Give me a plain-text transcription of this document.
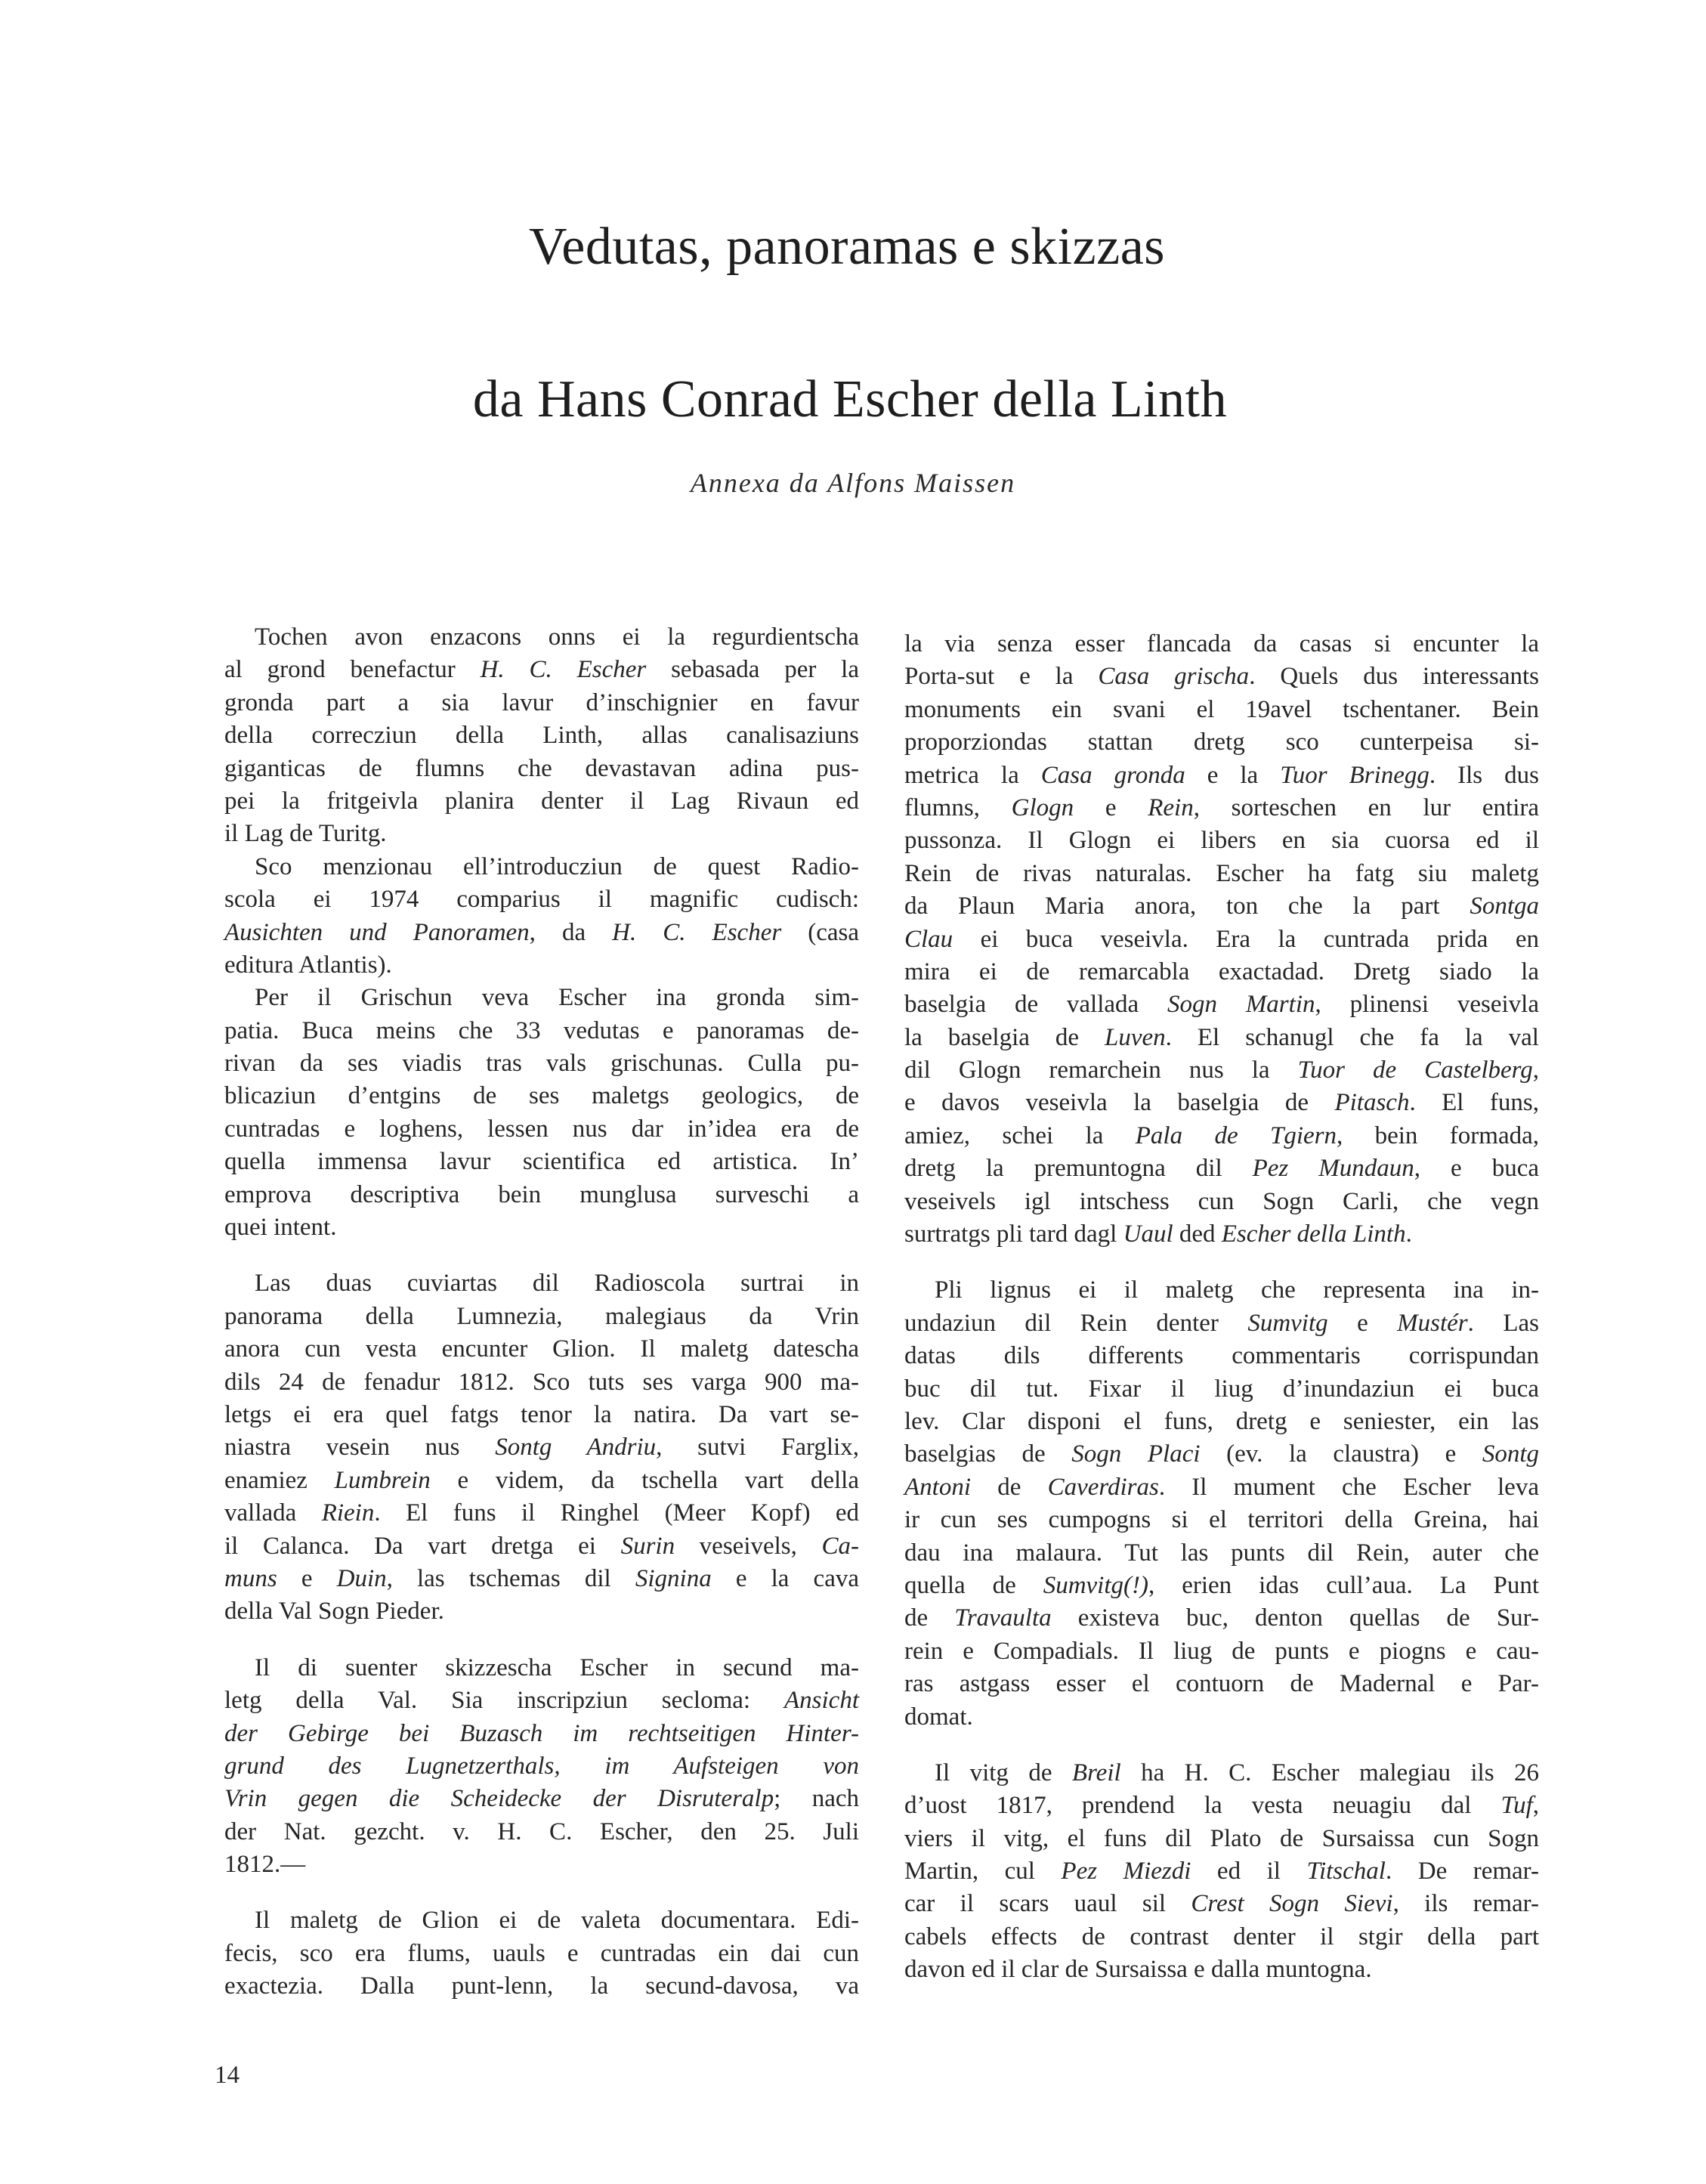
Vedutas, panoramas e skizzas
da Hans Conrad Escher della Linth
Annexa da Alfons Maissen
Tochen avon enzacons onns ei la regurdientscha
al grond benefactur H. C. Escher sebasada per la
gronda part a sia lavur d’inschignier en favur
della correcziun della Linth, allas canalisaziuns
giganticas de flumns che devastavan adina pus-
pei la fritgeivla planira denter il Lag Rivaun ed
il Lag de Turitg.
Sco menzionau ell’introducziun de quest Radio-
scola ei 1974 comparius il magnific cudisch:
Ausichten und Panoramen, da H. C. Escher (casa
editura Atlantis).
Per il Grischun veva Escher ina gronda sim-
patia. Buca meins che 33 vedutas e panoramas de-
rivan da ses viadis tras vals grischunas. Culla pu-
blicaziun d’entgins de ses maletgs geologics, de
cuntradas e loghens, lessen nus dar in’idea era de
quella immensa lavur scientifica ed artistica. In’
emprova descriptiva bein munglusa surveschi a
quei intent.
Las duas cuviartas dil Radioscola surtrai in
panorama della Lumnezia, malegiaus da Vrin
anora cun vesta encunter Glion. Il maletg datescha
dils 24 de fenadur 1812. Sco tuts ses varga 900 ma-
letgs ei era quel fatgs tenor la natira. Da vart se-
niastra vesein nus Sontg Andriu, sutvi Farglix,
enamiez Lumbrein e videm, da tschella vart della
vallada Riein. El funs il Ringhel (Meer Kopf) ed
il Calanca. Da vart dretga ei Surin veseivels, Ca-
muns e Duin, las tschemas dil Signina e la cava
della Val Sogn Pieder.
Il di suenter skizzescha Escher in secund ma-
letg della Val. Sia inscripziun secloma: Ansicht
der Gebirge bei Buzasch im rechtseitigen Hinter-
grund des Lugnetzerthals, im Aufsteigen von
Vrin gegen die Scheidecke der Disruteralp; nach
der Nat. gezcht. v. H. C. Escher, den 25. Juli
1812.—
Il maletg de Glion ei de valeta documentara. Edi-
fecis, sco era flums, uauls e cuntradas ein dai cun
exactezia. Dalla punt-lenn, la secund-davosa, va
la via senza esser flancada da casas si encunter la
Porta-sut e la Casa grischa. Quels dus interessants
monuments ein svani el 19avel tschentaner. Bein
proporziondas stattan dretg sco cunterpeisa si-
metrica la Casa gronda e la Tuor Brinegg. Ils dus
flumns, Glogn e Rein, sorteschen en lur entira
pussonza. Il Glogn ei libers en sia cuorsa ed il
Rein de rivas naturalas. Escher ha fatg siu maletg
da Plaun Maria anora, ton che la part Sontga
Clau ei buca veseivla. Era la cuntrada prida en
mira ei de remarcabla exactadad. Dretg siado la
baselgia de vallada Sogn Martin, plinensi veseivla
la baselgia de Luven. El schanugl che fa la val
dil Glogn remarchein nus la Tuor de Castelberg,
e davos veseivla la baselgia de Pitasch. El funs,
amiez, schei la Pala de Tgiern, bein formada,
dretg la premuntogna dil Pez Mundaun, e buca
veseivels igl intschess cun Sogn Carli, che vegn
surtratgs pli tard dagl Uaul ded Escher della Linth.
Pli lignus ei il maletg che representa ina in-
undaziun dil Rein denter Sumvitg e Mustér. Las
datas dils differents commentaris corrispundan
buc dil tut. Fixar il liug d’inundaziun ei buca
lev. Clar disponi el funs, dretg e seniester, ein las
baselgias de Sogn Placi (ev. la claustra) e Sontg
Antoni de Caverdiras. Il mument che Escher leva
ir cun ses cumpogns si el territori della Greina, hai
dau ina malaura. Tut las punts dil Rein, auter che
quella de Sumvitg(!), erien idas cull’aua. La Punt
de Travaulta existeva buc, denton quellas de Sur-
rein e Compadials. Il liug de punts e piogns e cau-
ras astgass esser el contuorn de Madernal e Par-
domat.
Il vitg de Breil ha H. C. Escher malegiau ils 26
d’uost 1817, prendend la vesta neuagiu dal Tuf,
viers il vitg, el funs dil Plato de Sursaissa cun Sogn
Martin, cul Pez Miezdi ed il Titschal. De remar-
car il scars uaul sil Crest Sogn Sievi, ils remar-
cabels effects de contrast denter il stgir della part
davon ed il clar de Sursaissa e dalla muntogna.
14
